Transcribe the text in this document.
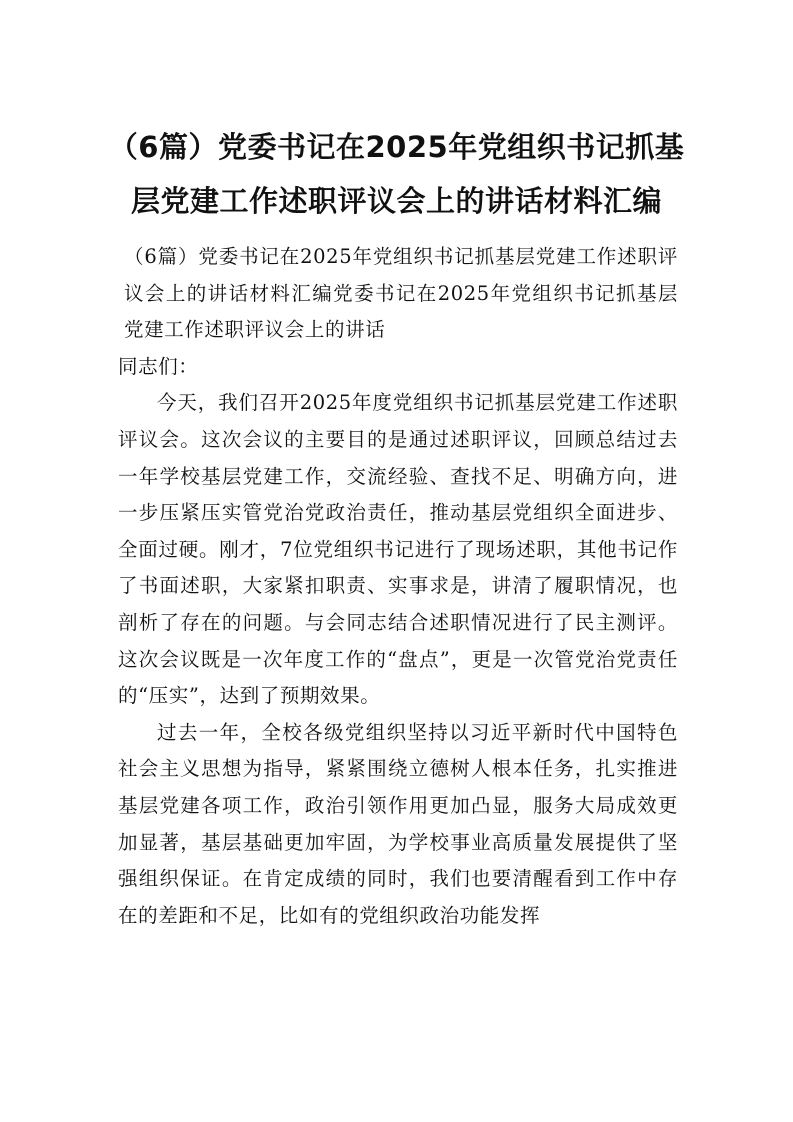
（6篇）党委书记在2025年党组织书记抓基层党建工作述职评议会上的讲话材料汇编

（6篇）党委书记在2025年党组织书记抓基层党建工作述职评议会上的讲话材料汇编党委书记在2025年党组织书记抓基层党建工作述职评议会上的讲话

同志们：

今天，我们召开2025年度党组织书记抓基层党建工作述职评议会。这次会议的主要目的是通过述职评议，回顾总结过去一年学校基层党建工作，交流经验、查找不足、明确方向，进一步压紧压实管党治党政治责任，推动基层党组织全面进步、全面过硬。刚才，7位党组织书记进行了现场述职，其他书记作了书面述职，大家紧扣职责、实事求是，讲清了履职情况，也剖析了存在的问题。与会同志结合述职情况进行了民主测评。这次会议既是一次年度工作的“盘点”，更是一次管党治党责任的“压实”，达到了预期效果。

过去一年，全校各级党组织坚持以习近平新时代中国特色社会主义思想为指导，紧紧围绕立德树人根本任务，扎实推进基层党建各项工作，政治引领作用更加凸显，服务大局成效更加显著，基层基础更加牢固，为学校事业高质量发展提供了坚强组织保证。在肯定成绩的同时，我们也要清醒看到工作中存在的差距和不足，比如有的党组织政治功能发挥
